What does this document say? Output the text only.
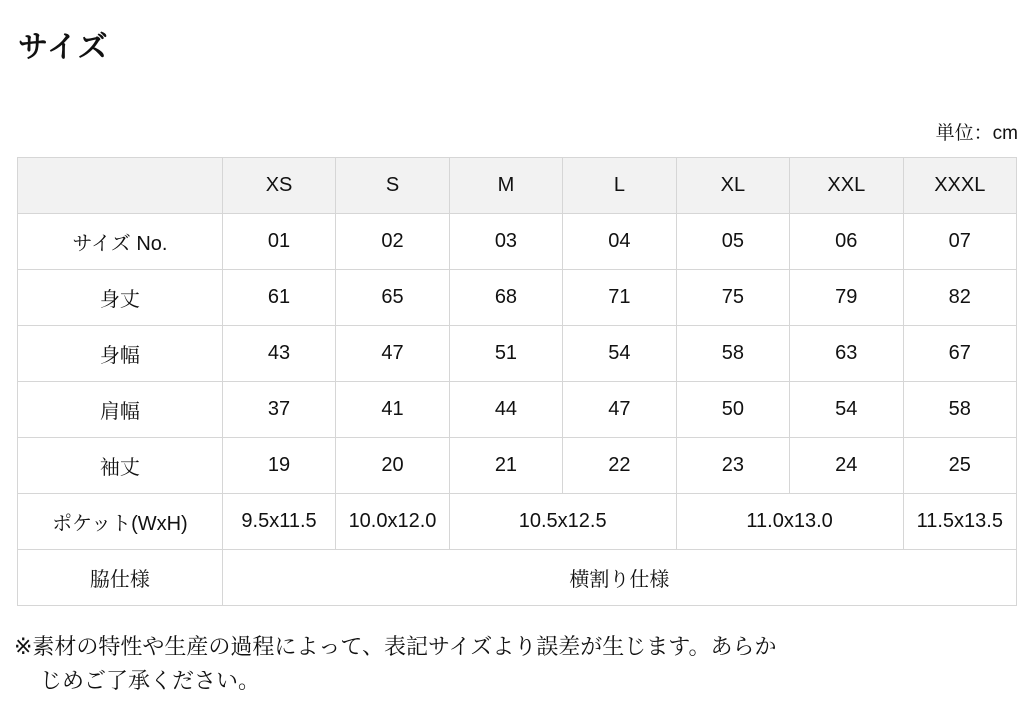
サイズ
単位：cm
	XS	S	M	L	XL	XXL	XXXL
サイズ No.	01	02	03	04	05	06	07
身丈	61	65	68	71	75	79	82
身幅	43	47	51	54	58	63	67
肩幅	37	41	44	47	50	54	58
袖丈	19	20	21	22	23	24	25
ポケット(WxH)	9.5x11.5	10.0x12.0	10.5x12.5		11.0x13.0		11.5x13.5
脇仕様	横割り仕様						
※素材の特性や生産の過程によって、表記サイズより誤差が生じます。あらか
じめご了承ください。
